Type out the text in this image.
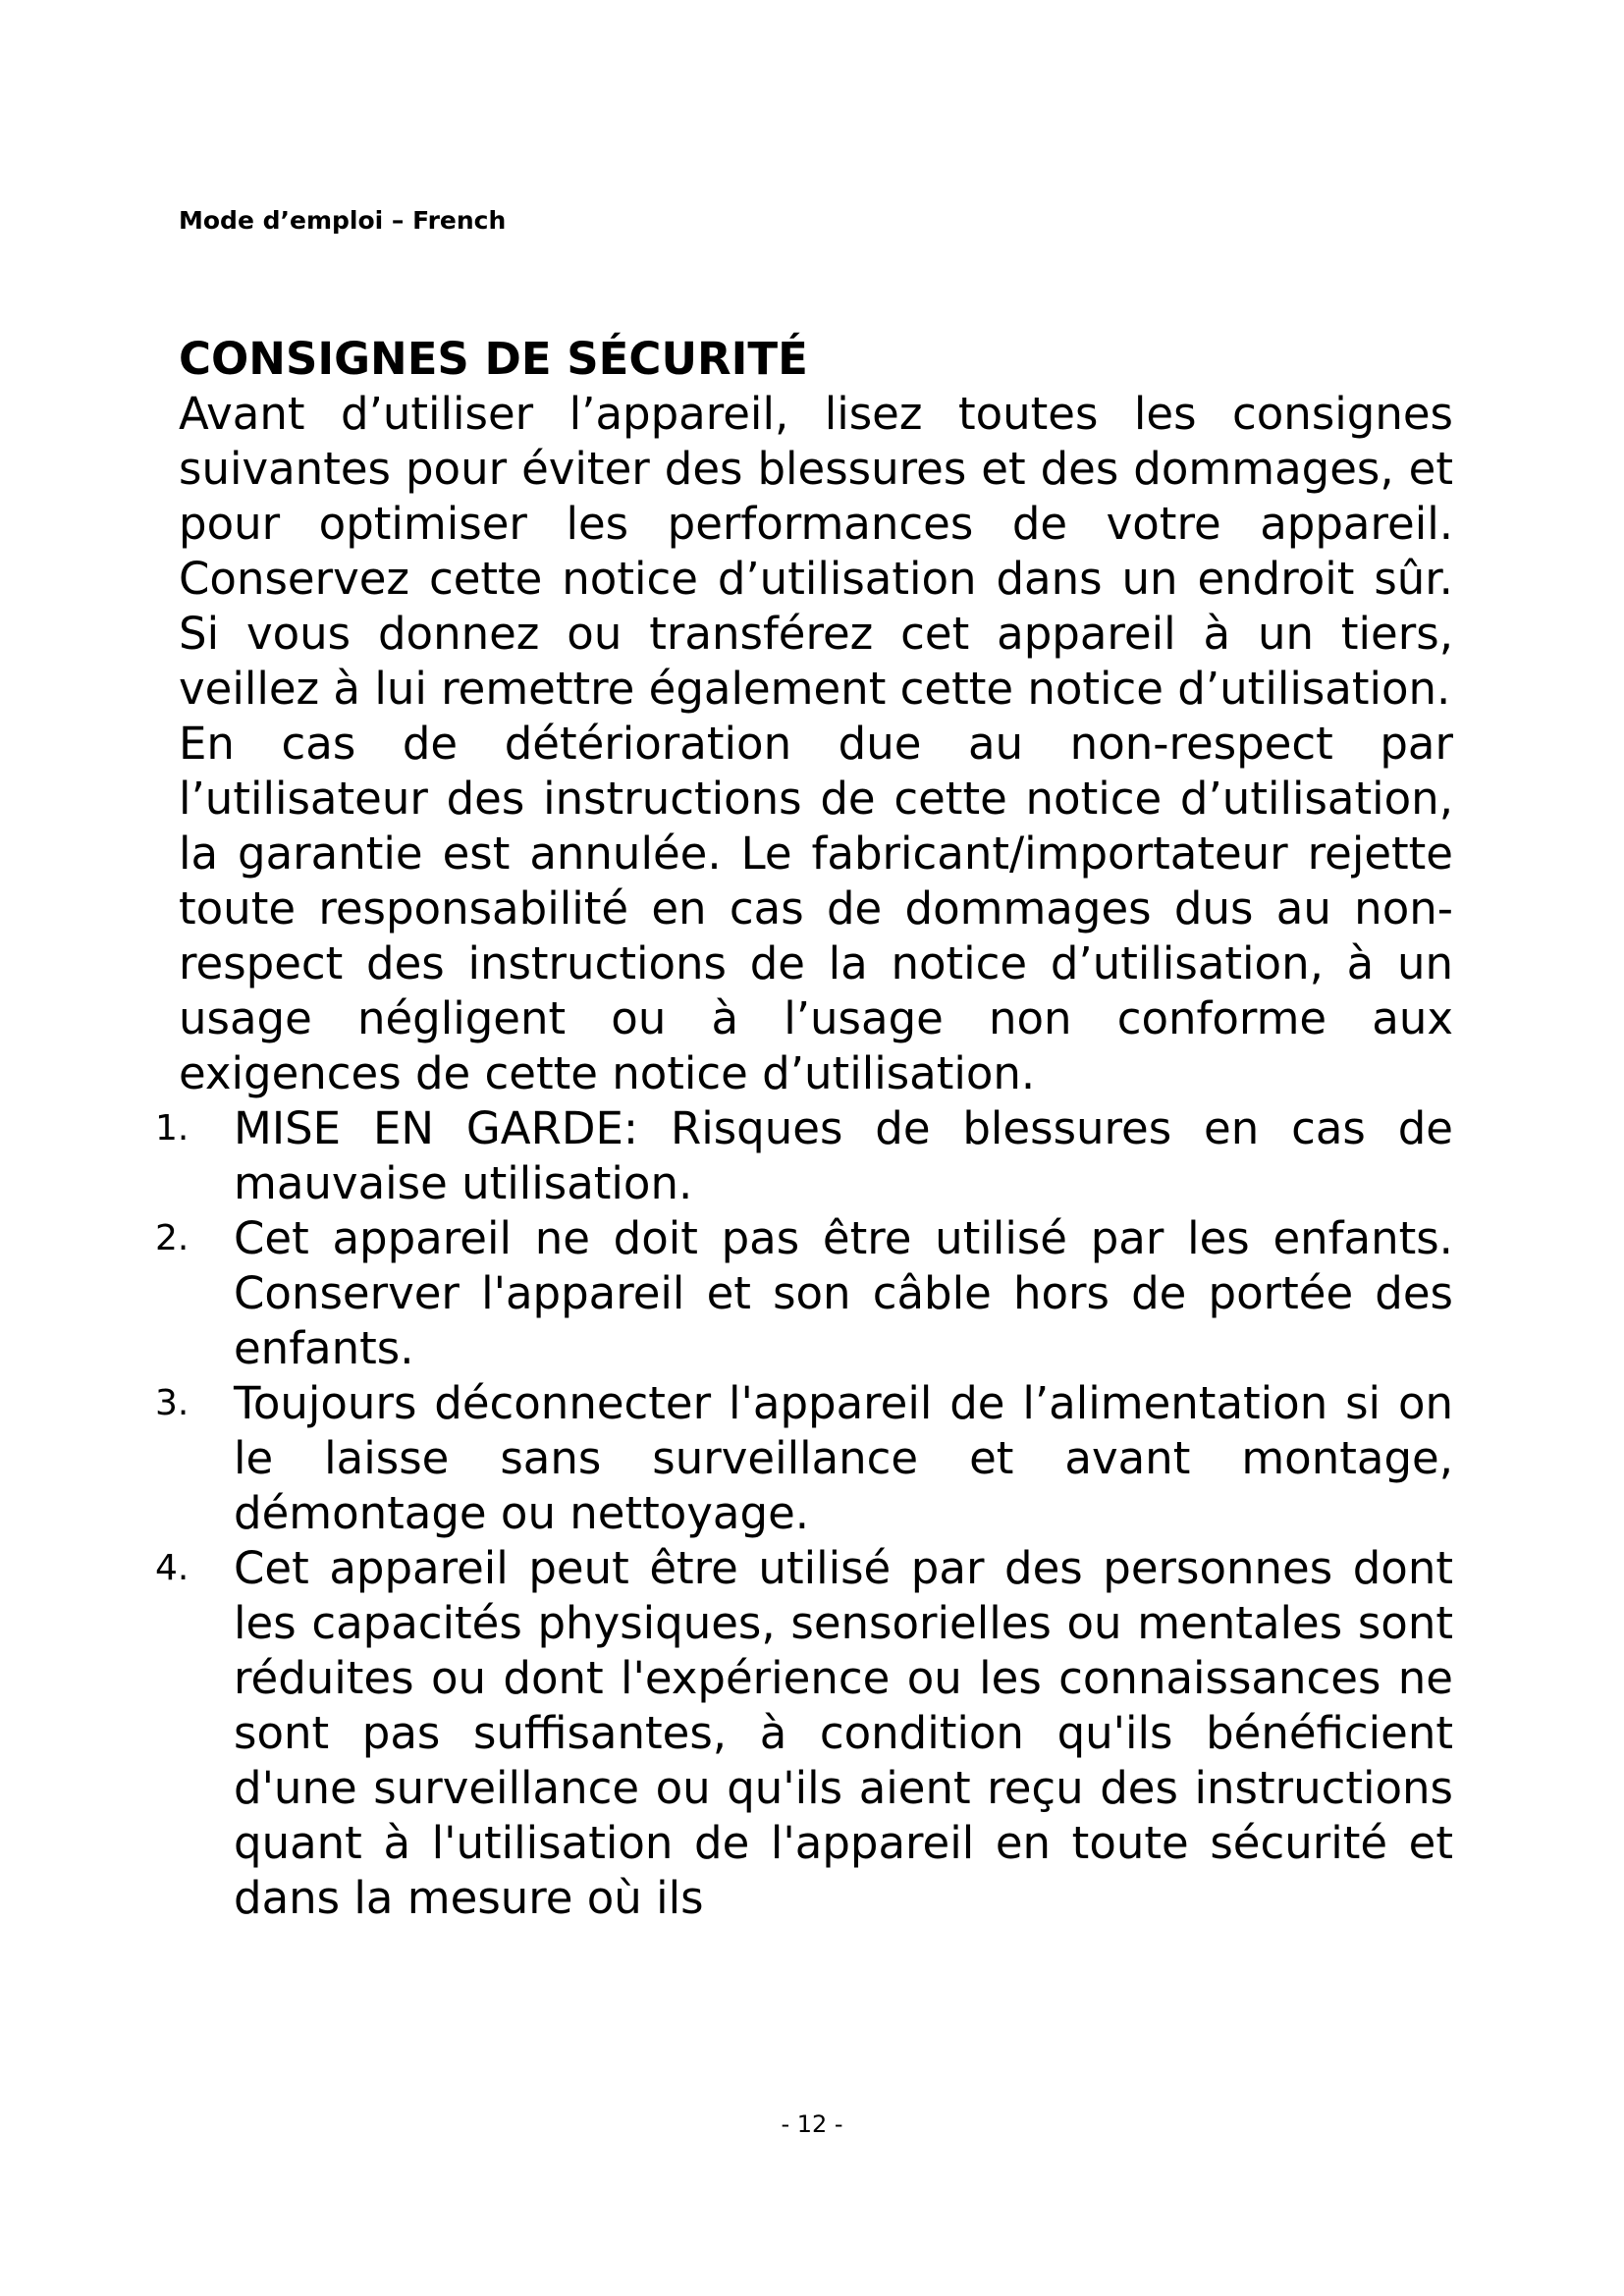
Mode d’emploi – French
CONSIGNES DE SÉCURITÉ

Avant d’utiliser l’appareil, lisez toutes les consignes suivantes pour éviter des blessures et des dommages, et pour optimiser les performances de votre appareil. Conservez cette notice d’utilisation dans un endroit sûr. Si vous donnez ou transférez cet appareil à un tiers, veillez à lui remettre également cette notice d’utilisation.

En cas de détérioration due au non-respect par l’utilisateur des instructions de cette notice d’utilisation, la garantie est annulée. Le fabricant/importateur rejette toute responsabilité en cas de dommages dus au non-respect des instructions de la notice d’utilisation, à un usage négligent ou à l’usage non conforme aux exigences de cette notice d’utilisation.

1. MISE EN GARDE: Risques de blessures en cas de mauvaise utilisation.
2. Cet appareil ne doit pas être utilisé par les enfants. Conserver l'appareil et son câble hors de portée des enfants.
3. Toujours déconnecter l'appareil de l’alimentation si on le laisse sans surveillance et avant montage, démontage ou nettoyage.
4. Cet appareil peut être utilisé par des personnes dont les capacités physiques, sensorielles ou mentales sont réduites ou dont l'expérience ou les connaissances ne sont pas suffisantes, à condition qu'ils bénéficient d'une surveillance ou qu'ils aient reçu des instructions quant à l'utilisation de l'appareil en toute sécurité et dans la mesure où ils
- 12 -
